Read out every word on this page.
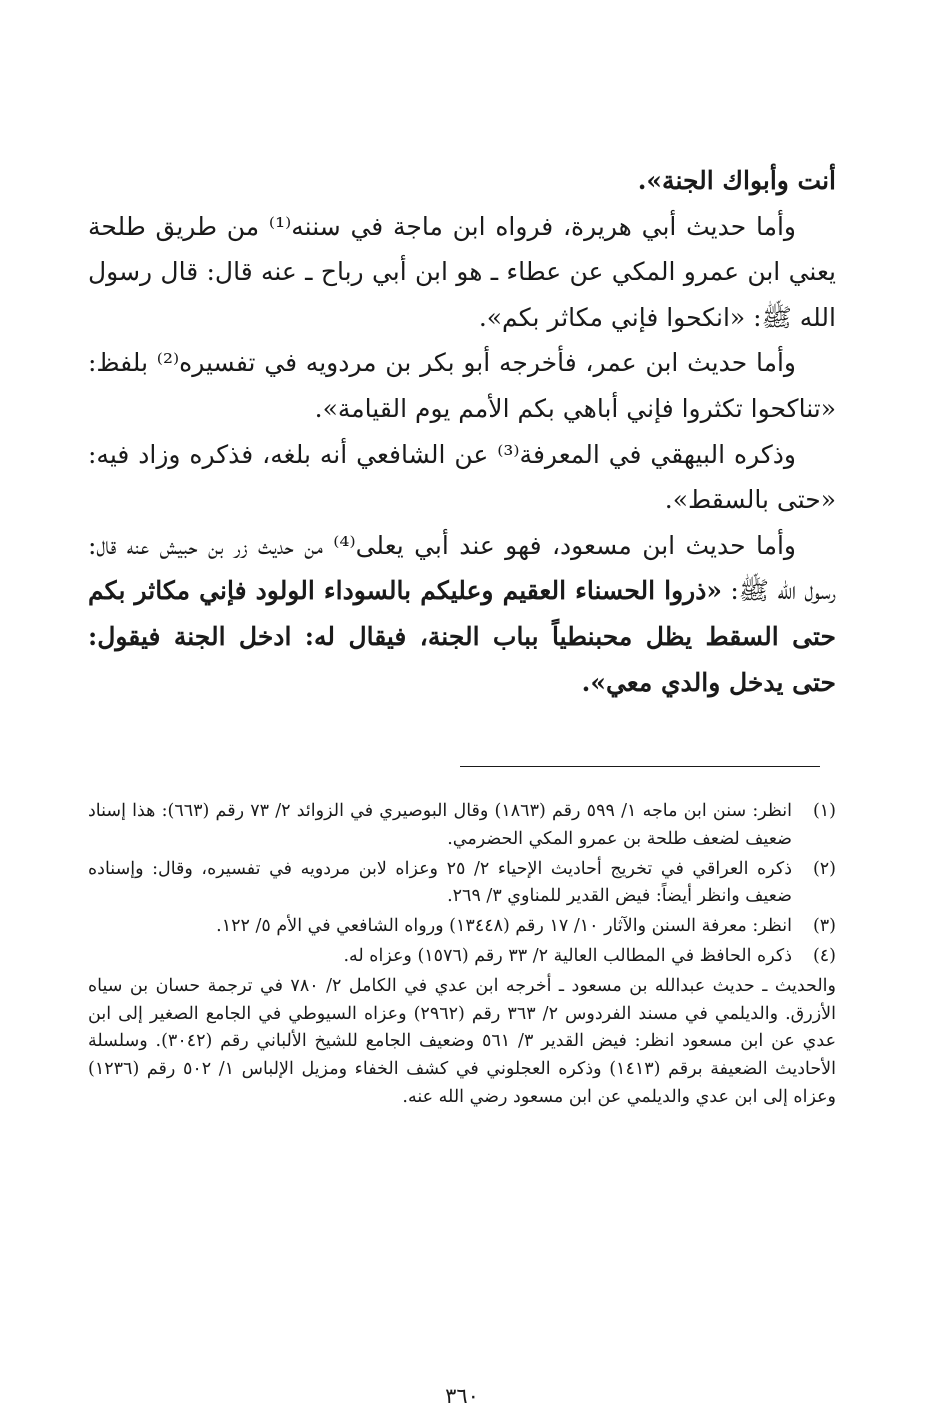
أنت وأبواك الجنة».

وأما حديث أبي هريرة، فرواه ابن ماجة في سننه⁽¹⁾ من طريق طلحة يعني ابن عمرو المكي عن عطاء ـ هو ابن أبي رباح ـ عنه قال: قال رسول الله ﷺ: «انكحوا فإني مكاثر بكم».

وأما حديث ابن عمر، فأخرجه أبو بكر بن مردويه في تفسيره⁽²⁾ بلفظ: «تناكحوا تكثروا فإني أباهي بكم الأمم يوم القيامة».

وذكره البيهقي في المعرفة⁽³⁾ عن الشافعي أنه بلغه، فذكره وزاد فيه: «حتى بالسقط».

وأما حديث ابن مسعود، فهو عند أبي يعلى⁽⁴⁾ من حديث زر بن حبيش عنه قال: رسول الله ﷺ: «ذروا الحسناء العقيم وعليكم بالسوداء الولود فإني مكاثر بكم حتى السقط يظل محبنطياً بباب الجنة، فيقال له: ادخل الجنة فيقول: حتى يدخل والدي معي».

(١)
انظر: سنن ابن ماجه ١/ ٥٩٩ رقم (١٨٦٣) وقال البوصيري في الزوائد ٢/ ٧٣ رقم (٦٦٣): هذا إسناد ضعيف لضعف طلحة بن عمرو المكي الحضرمي.
(٢)
ذكره العراقي في تخريج أحاديث الإحياء ٢/ ٢٥ وعزاه لابن مردويه في تفسيره، وقال: وإسناده ضعيف وانظر أيضاً: فيض القدير للمناوي ٣/ ٢٦٩.
(٣)
انظر: معرفة السنن والآثار ١٠/ ١٧ رقم (١٣٤٤٨) ورواه الشافعي في الأم ٥/ ١٢٢.
(٤)
ذكره الحافظ في المطالب العالية ٢/ ٣٣ رقم (١٥٧٦) وعزاه له.

والحديث ـ حديث عبدالله بن مسعود ـ أخرجه ابن عدي في الكامل ٢/ ٧٨٠ في ترجمة حسان بن سياه الأزرق. والديلمي في مسند الفردوس ٢/ ٣٦٣ رقم (٢٩٦٢) وعزاه السيوطي في الجامع الصغير إلى ابن عدي عن ابن مسعود انظر: فيض القدير ٣/ ٥٦١ وضعيف الجامع للشيخ الألباني رقم (٣٠٤٢). وسلسلة الأحاديث الضعيفة برقم (١٤١٣) وذكره العجلوني في كشف الخفاء ومزيل الإلباس ١/ ٥٠٢ رقم (١٢٣٦) وعزاه إلى ابن عدي والديلمي عن ابن مسعود رضي الله عنه.

٣٦٠
